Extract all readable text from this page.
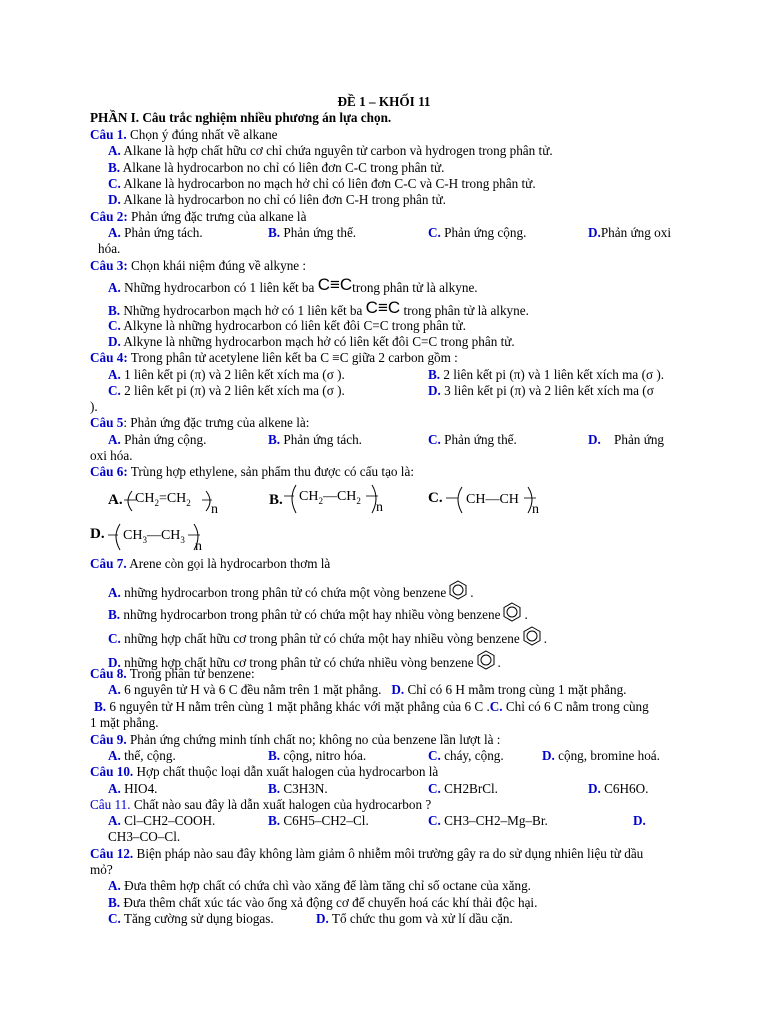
ĐỀ 1 – KHỐI 11
PHẦN I. Câu trắc nghiệm nhiều phương án lựa chọn.
Câu 1. Chọn ý đúng nhất về alkane
A. Alkane là hợp chất hữu cơ chỉ chứa nguyên tử carbon và hydrogen trong phân tử.
B. Alkane là hydrocarbon no chỉ có liên đơn C-C trong phân tử.
C. Alkane là hydrocarbon no mạch hở chỉ có liên đơn C-C và C-H trong phân tử.
D. Alkane là hydrocarbon no chỉ có liên đơn C-H trong phân tử.
Câu 2: Phản ứng đặc trưng của alkane là
A. Phản ứng tách.	B. Phản ứng thế.	C. Phản ứng cộng.	D.Phản ứng oxi
hóa.
Câu 3: Chọn khái niệm đúng về alkyne :
A. Những hydrocarbon có 1 liên kết ba C≡Ctrong phân tử là alkyne.
B. Những hydrocarbon mạch hở có 1 liên kết ba C≡C trong phân tử là alkyne.
C. Alkyne là những hydrocarbon có liên kết đôi C=C trong phân tử.
D. Alkyne là những hydrocarbon mạch hở có liên kết đôi C=C trong phân tử.
Câu 4: Trong phân tử acetylene liên kết ba C ≡C giữa 2 carbon gồm :
A. 1 liên kết pi (π) và 2 liên kết xích ma (σ ).	B. 2 liên kết pi (π) và 1 liên kết xích ma (σ ).
C. 2 liên kết pi (π) và 2 liên kết xích ma (σ ).	D. 3 liên kết pi (π) và 2 liên kết xích ma (σ
).
Câu 5: Phản ứng đặc trưng của alkene là:
A. Phản ứng cộng.	B. Phản ứng tách.	C. Phản ứng thế.	D. Phản ứng
oxi hóa.
Câu 6: Trùng hợp ethylene, sản phẩm thu được có cấu tạo là:
A. $CH_2=CH_2$ n
B. $CH_2—CH_2$ n
C. CH—CH
n
D. $CH_3—CH_3$ n
Câu 7. Arene còn gọi là hydrocarbon thơm là
A. những hydrocarbon trong phân tử có chứa một vòng benzene .
B. những hydrocarbon trong phân tử có chứa một hay nhiều vòng benzene .
C. những hợp chất hữu cơ trong phân tử có chứa một hay nhiều vòng benzene .
D. những hợp chất hữu cơ trong phân tử có chứa nhiều vòng benzene .
Câu 8. Trong phân tử benzene:
A. 6 nguyên tử H và 6 C đều nằm trên 1 mặt phẳng. D. Chỉ có 6 H mằm trong cùng 1 mặt phẳng.
B. 6 nguyên tử H nằm trên cùng 1 mặt phẳng khác với mặt phẳng của 6 C .C. Chỉ có 6 C nằm trong cùng
1 mặt phẳng.
Câu 9. Phản ứng chứng minh tính chất no; không no của benzene lần lượt là :
A. thế, cộng.	B. cộng, nitro hóa.	C. cháy, cộng.	D. cộng, bromine hoá.
Câu 10. Hợp chất thuộc loại dẫn xuất halogen của hydrocarbon là
A. HIO4.	B. C3H3N.	C. CH2BrCl.	D. C6H6O.
Câu 11. Chất nào sau đây là dẫn xuất halogen của hydrocarbon ?
A. Cl–CH2–COOH.	B. C6H5–CH2–Cl.	C. CH3–CH2–Mg–Br.	D.
CH3–CO–Cl.
Câu 12. Biện pháp nào sau đây không làm giảm ô nhiễm môi trường gây ra do sử dụng nhiên liệu từ dầu
mỏ?
A. Đưa thêm hợp chất có chứa chì vào xăng để làm tăng chỉ số octane của xăng.
B. Đưa thêm chất xúc tác vào ống xả động cơ để chuyển hoá các khí thải độc hại.
C. Tăng cường sử dụng biogas.	D. Tổ chức thu gom và xử lí dầu cặn.
